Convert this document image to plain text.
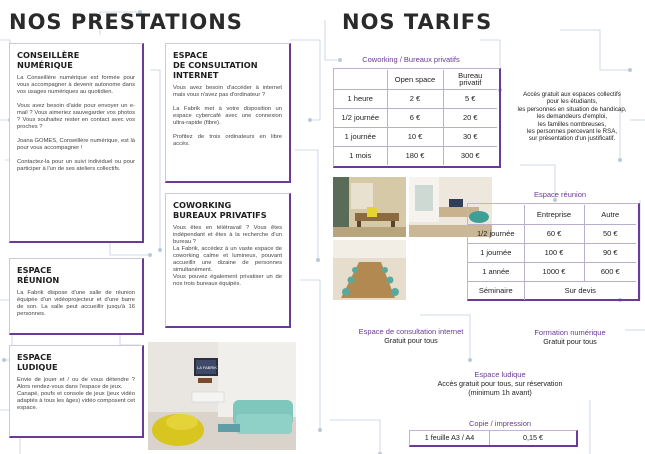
NOS PRESTATIONS	NOS TARIFS
CONSEILLÈRE
NUMÉRIQUE
La Conseillère numérique est formée pour vous accompagner à devenir autonome dans vos usages numériques au quotidien.

Vous avez besoin d'aide pour envoyer un e-mail ? Vous aimeriez sauvegarder vos photos ? Vous souhaitez rester en contact avec vos proches ?

Joana GOMES, Conseillère numérique, est là pour vous accompagner !

Contactez-la pour un suivi individuel ou pour participer à l'un de ses ateliers collectifs.
ESPACE
RÉUNION
La Fabrik dispose d'une salle de réunion équipée d'un vidéoprojecteur et d'une barre de son. La salle peut accueillir jusqu'à 16 personnes.
ESPACE
LUDIQUE
Envie de jouer et / ou de vous détendre ? Alors rendez-vous dans l'espace de jeux.
Canapé, poufs et console de jeux (jeux vidéo adaptés à tous les âges) vidéo composent cet espace.
ESPACE
DE CONSULTATION
INTERNET
Vous avez besoin d'accéder à internet mais vous n'avez pas d'ordinateur ?

La Fabrik met à votre disposition un espace cybercafé avec une connexion ultra-rapide (fibre).

Profitez de trois ordinateurs en libre accès.
COWORKING
BUREAUX PRIVATIFS
Vous êtes en télétravail ? Vous êtes indépendant et êtes à la recherche d'un bureau ?
La Fabrik, accédez à un vaste espace de coworking calme et lumineux, pouvant accueillir une dizaine de personnes simultanément.
Vous pouvez également privatiser un de nos trois bureaux équipés.
LA FABRIK
Coworking / Bureaux privatifs
	Open space	Bureau privatif
1 heure	2 €	5 €
1/2 journée	6 €	20 €
1 journée	10 €	30 €
1 mois	180 €	300 €
Accès gratuit aux espaces collectifs
pour les étudiants,
les personnes en situation de handicap,
les demandeurs d'emploi,
les familles nombreuses,
les personnes percevant le RSA,
sur présentation d'un justificatif.
Espace réunion
	Entreprise	Autre
1/2 journée	60 €	50 €
1 journée	100 €	90 €
1 année	1000 €	600 €
Séminaire	Sur devis	
Espace de consultation internet
Gratuit pour tous
Formation numérique
Gratuit pour tous
Espace ludique
Accès gratuit pour tous, sur réservation
(minimum 1h avant)
Copie / impression
1 feuille A3 / A4	0,15 €
